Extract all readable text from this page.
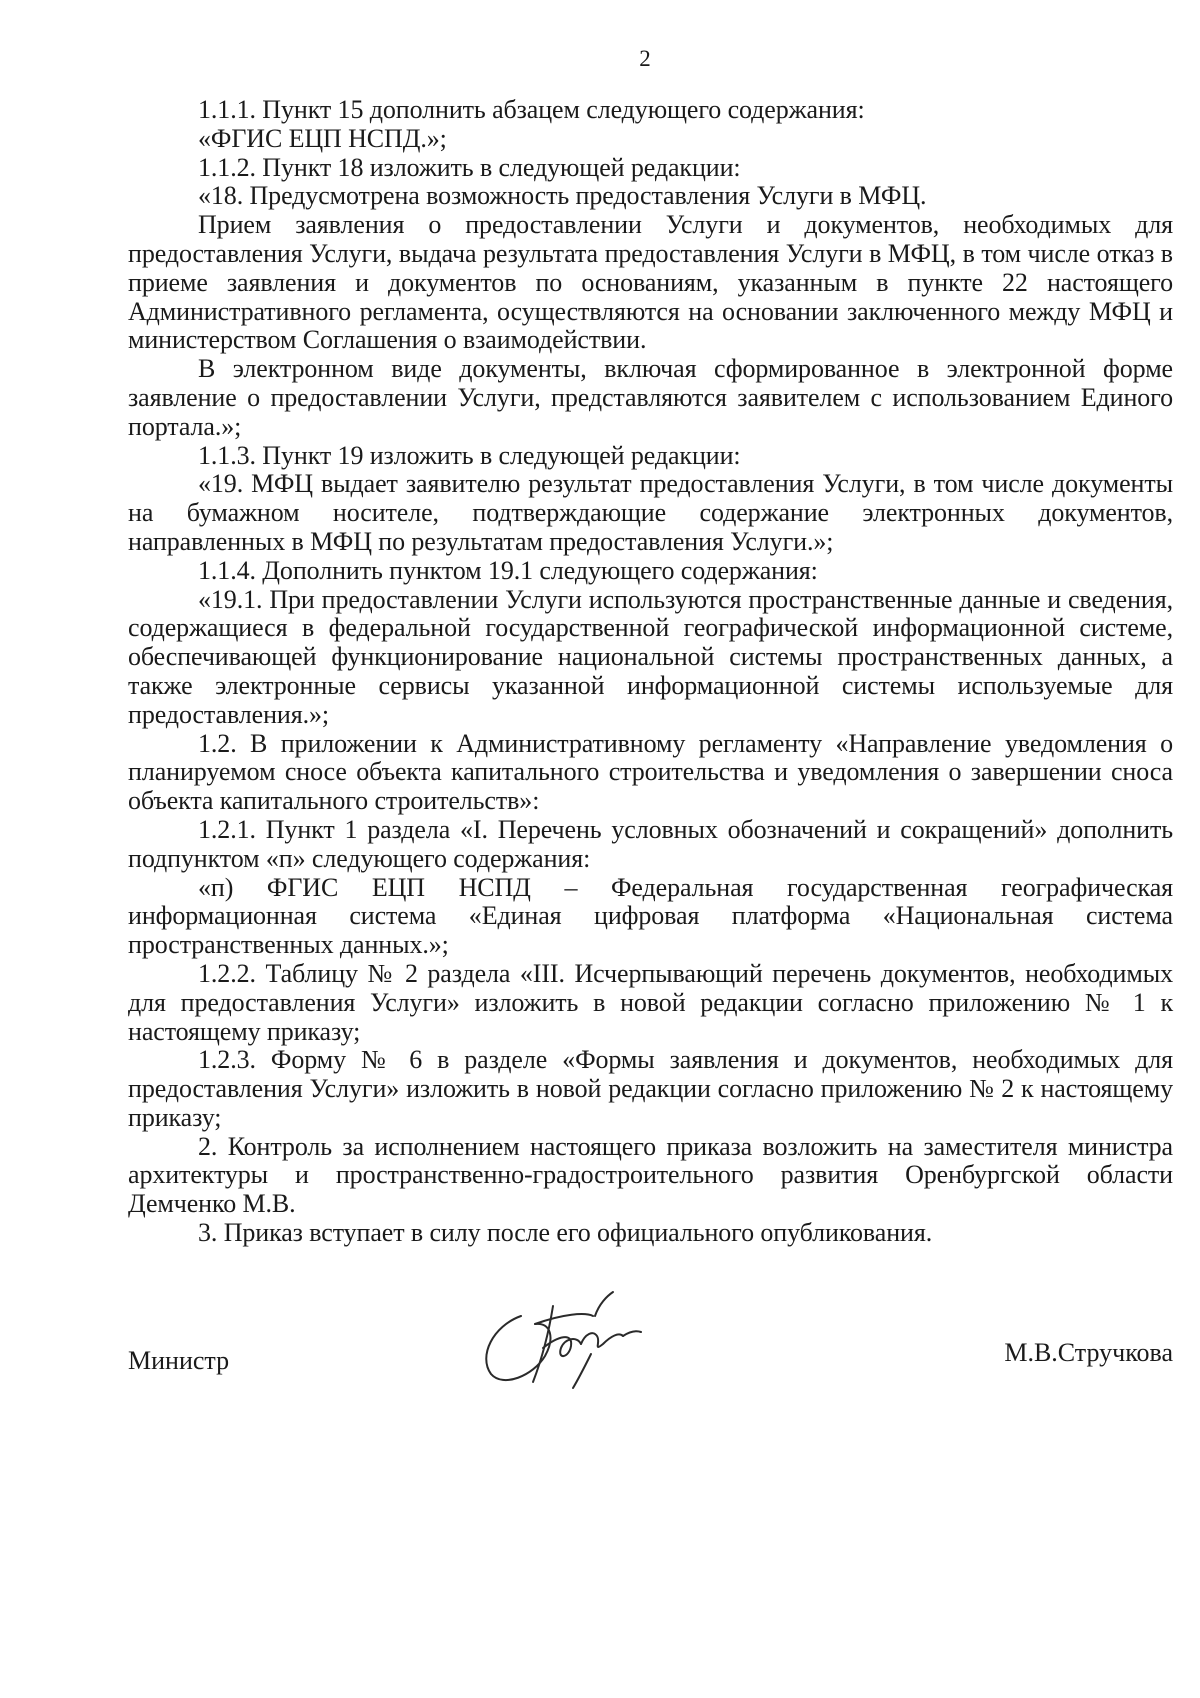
2

1.1.1. Пункт 15 дополнить абзацем следующего содержания:

«ФГИС ЕЦП НСПД.»;

1.1.2. Пункт 18 изложить в следующей редакции:

«18. Предусмотрена возможность предоставления Услуги в МФЦ.

Прием заявления о предоставлении Услуги и документов, необходимых для предоставления Услуги, выдача результата предоставления Услуги в МФЦ, в том числе отказ в приеме заявления и документов по основаниям, указанным в пункте 22 настоящего Административного регламента, осуществляются на основании заключенного между МФЦ и министерством Соглашения о взаимодействии.

В электронном виде документы, включая сформированное в электронной форме заявление о предоставлении Услуги, представляются заявителем с использованием Единого портала.»;

1.1.3. Пункт 19 изложить в следующей редакции:

«19. МФЦ выдает заявителю результат предоставления Услуги, в том числе документы на бумажном носителе, подтверждающие содержание электронных документов, направленных в МФЦ по результатам предоставления Услуги.»;

1.1.4. Дополнить пунктом 19.1 следующего содержания:

«19.1. При предоставлении Услуги используются пространственные данные и сведения, содержащиеся в федеральной государственной географической информационной системе, обеспечивающей функционирование национальной системы пространственных данных, а также электронные сервисы указанной информационной системы используемые для предоставления.»;

1.2. В приложении к Административному регламенту «Направление уведомления о планируемом сносе объекта капитального строительства и уведомления о завершении сноса объекта капитального строительств»:

1.2.1. Пункт 1 раздела «I. Перечень условных обозначений и сокращений» дополнить подпунктом «п» следующего содержания:

«п) ФГИС ЕЦП НСПД – Федеральная государственная географическая информационная система «Единая цифровая платформа «Национальная система пространственных данных.»;

1.2.2. Таблицу № 2 раздела «III. Исчерпывающий перечень документов, необходимых для предоставления Услуги» изложить в новой редакции согласно приложению № 1 к настоящему приказу;

1.2.3. Форму № 6 в разделе «Формы заявления и документов, необходимых для предоставления Услуги» изложить в новой редакции согласно приложению № 2 к настоящему приказу;

2. Контроль за исполнением настоящего приказа возложить на заместителя министра архитектуры и пространственно-градостроительного развития Оренбургской области Демченко М.В.

3. Приказ вступает в силу после его официального опубликования.

Министр	М.В.Стручкова
